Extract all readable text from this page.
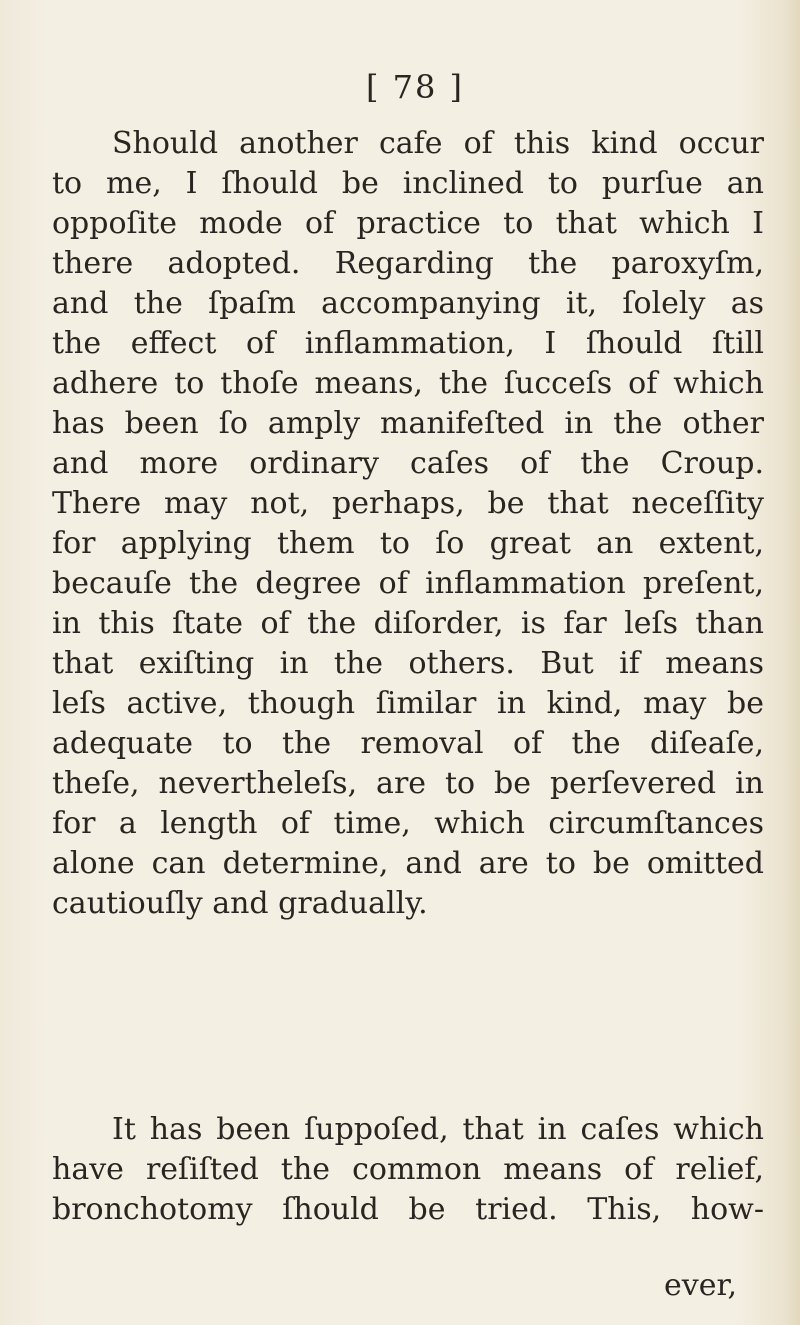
[ 78 ]
Should another cafe of this kind occur
to me, I ſhould be inclined to purſue an
oppoſite mode of practice to that which I
there adopted. Regarding the paroxyſm,
and the ſpaſm accompanying it, ſolely as
the effect of inflammation, I ſhould ſtill
adhere to thoſe means, the ſucceſs of which
has been ſo amply manifeſted in the other
and more ordinary caſes of the Croup.
There may not, perhaps, be that neceſſity
for applying them to ſo great an extent,
becauſe the degree of inflammation preſent,
in this ſtate of the diſorder, is far leſs than
that exiſting in the others. But if means
leſs active, though ſimilar in kind, may be
adequate to the removal of the diſeaſe,
theſe, nevertheleſs, are to be perſevered in
for a length of time, which circumſtances
alone can determine, and are to be omitted
cautiouſly and gradually.
It has been ſuppoſed, that in caſes which
have reſiſted the common means of relief,
bronchotomy ſhould be tried. This, how-
ever,
